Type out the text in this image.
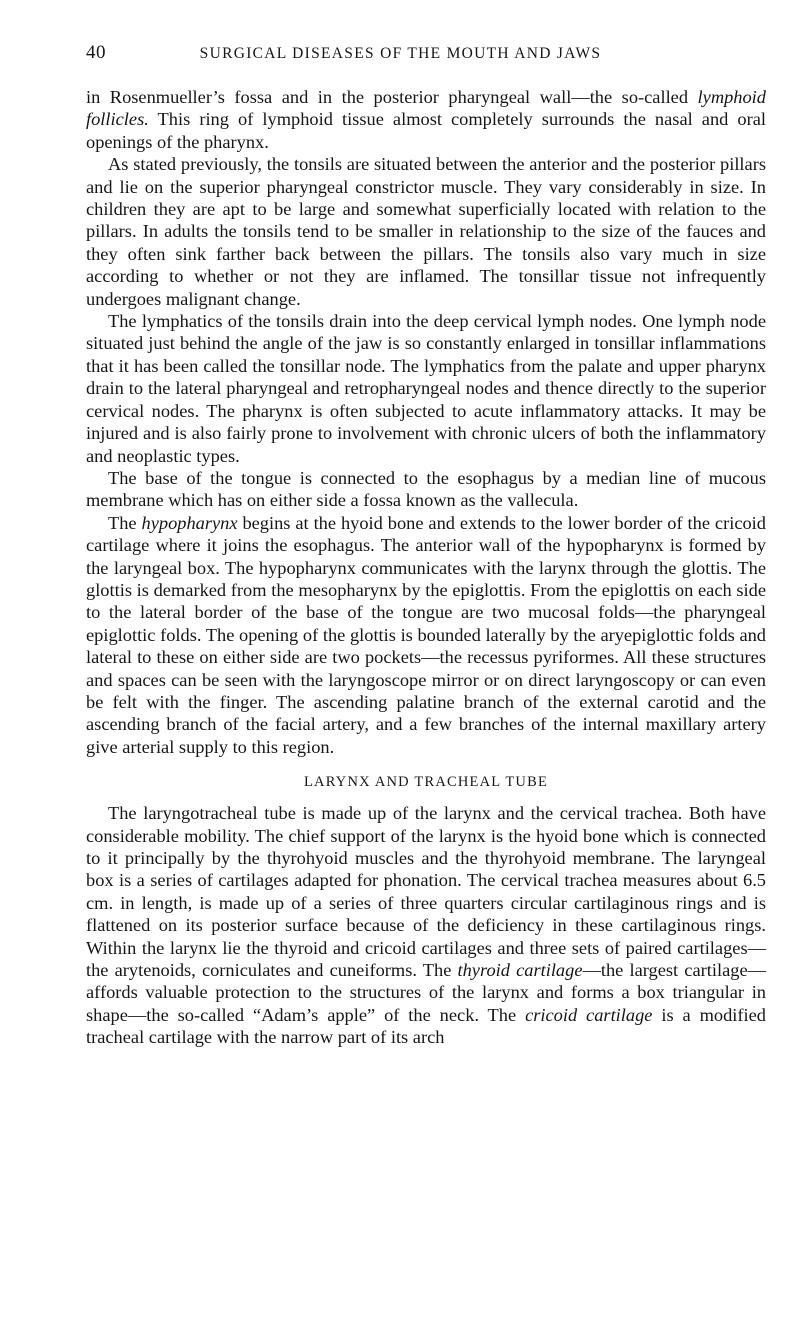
40	SURGICAL DISEASES OF THE MOUTH AND JAWS

in Rosenmueller’s fossa and in the posterior pharyngeal wall—the so-called lymphoid follicles. This ring of lymphoid tissue almost completely surrounds the nasal and oral openings of the pharynx.

As stated previously, the tonsils are situated between the anterior and the posterior pillars and lie on the superior pharyngeal constrictor muscle. They vary considerably in size. In children they are apt to be large and somewhat superficially located with relation to the pillars. In adults the tonsils tend to be smaller in relationship to the size of the fauces and they often sink farther back between the pillars. The tonsils also vary much in size according to whether or not they are inflamed. The tonsillar tissue not infrequently undergoes malignant change.

The lymphatics of the tonsils drain into the deep cervical lymph nodes. One lymph node situated just behind the angle of the jaw is so constantly enlarged in tonsillar inflammations that it has been called the tonsillar node. The lymphatics from the palate and upper pharynx drain to the lateral pharyngeal and retropharyngeal nodes and thence directly to the superior cervical nodes. The pharynx is often subjected to acute inflammatory attacks. It may be injured and is also fairly prone to involvement with chronic ulcers of both the inflammatory and neoplastic types.

The base of the tongue is connected to the esophagus by a median line of mucous membrane which has on either side a fossa known as the vallecula.

The hypopharynx begins at the hyoid bone and extends to the lower border of the cricoid cartilage where it joins the esophagus. The anterior wall of the hypopharynx is formed by the laryngeal box. The hypopharynx communicates with the larynx through the glottis. The glottis is demarked from the mesopharynx by the epiglottis. From the epiglottis on each side to the lateral border of the base of the tongue are two mucosal folds—the pharyngeal epiglottic folds. The opening of the glottis is bounded laterally by the aryepiglottic folds and lateral to these on either side are two pockets—the recessus pyriformes. All these structures and spaces can be seen with the laryngoscope mirror or on direct laryngoscopy or can even be felt with the finger. The ascending palatine branch of the external carotid and the ascending branch of the facial artery, and a few branches of the internal maxillary artery give arterial supply to this region.

LARYNX AND TRACHEAL TUBE

The laryngotracheal tube is made up of the larynx and the cervical trachea. Both have considerable mobility. The chief support of the larynx is the hyoid bone which is connected to it principally by the thyrohyoid muscles and the thyrohyoid membrane. The laryngeal box is a series of cartilages adapted for phonation. The cervical trachea measures about 6.5 cm. in length, is made up of a series of three quarters circular cartilaginous rings and is flattened on its posterior surface because of the deficiency in these cartilaginous rings. Within the larynx lie the thyroid and cricoid cartilages and three sets of paired cartilages—the arytenoids, corniculates and cuneiforms. The thyroid cartilage—the largest cartilage—affords valuable protection to the structures of the larynx and forms a box triangular in shape—the so-called “Adam’s apple” of the neck. The cricoid cartilage is a modified tracheal cartilage with the narrow part of its arch
